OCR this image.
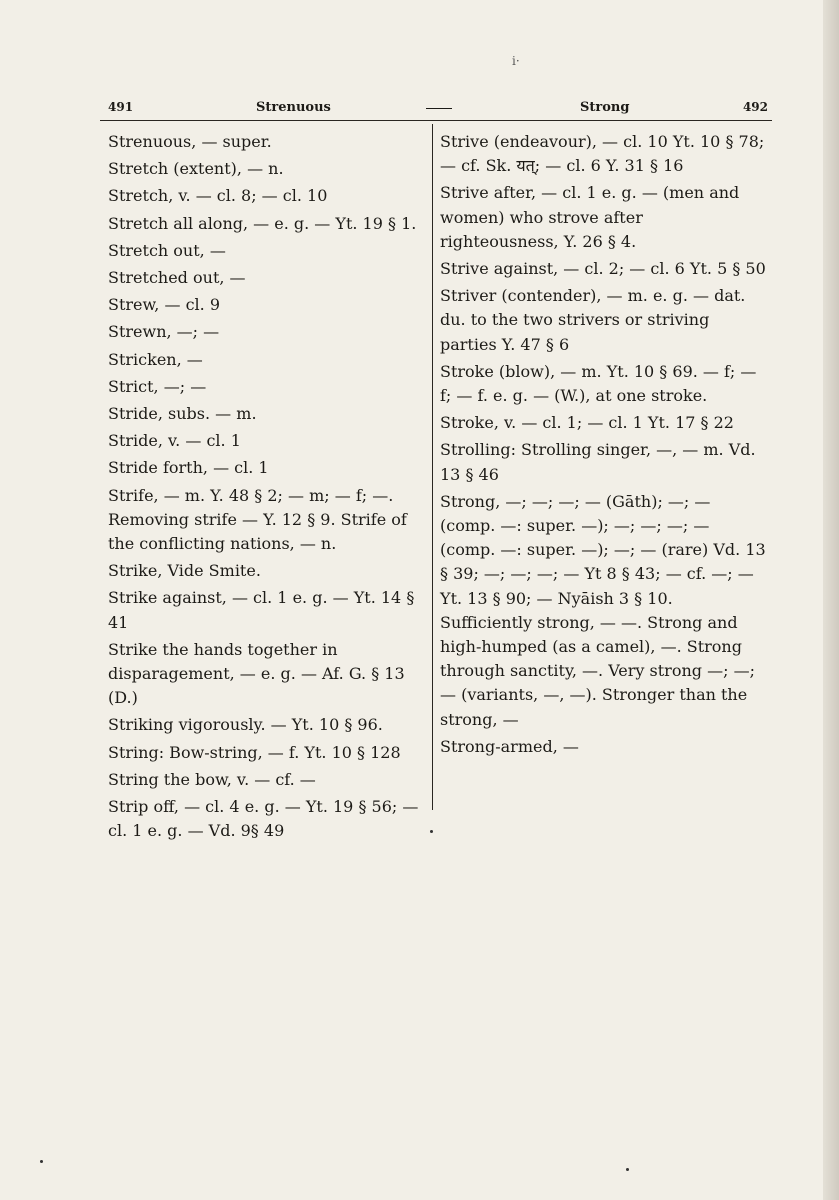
i·
491	Strenuous	Strong	492
Strenuous, — super.
Stretch (extent), — n.
Stretch, v. — cl. 8; — cl. 10
Stretch all along, — e. g. — Yt. 19 § 1.
Stretch out, —
Stretched out, —
Strew, — cl. 9
Strewn, —; —
Stricken, —
Strict, —; —
Stride, subs. — m.
Stride, v. — cl. 1
Stride forth, — cl. 1
Strife, — m. Y. 48 § 2; — m; — f; —. Removing strife — Y. 12 § 9. Strife of the conflicting nations, — n.
Strike, Vide Smite.
Strike against, — cl. 1 e. g. — Yt. 14 § 41
Strike the hands together in disparagement, — e. g. — Af. G. § 13 (D.)
Striking vigorously. — Yt. 10 § 96.
String: Bow-string, — f. Yt. 10 § 128
String the bow, v. — cf. —
Strip off, — cl. 4 e. g. — Yt. 19 § 56; — cl. 1 e. g. — Vd. 9§ 49
Strive (endeavour), — cl. 10 Yt. 10 § 78; — cf. Sk. यत्; — cl. 6 Y. 31 § 16
Strive after, — cl. 1 e. g. — (men and women) who strove after righteousness, Y. 26 § 4.
Strive against, — cl. 2; — cl. 6 Yt. 5 § 50
Striver (contender), — m. e. g. — dat. du. to the two strivers or striving parties Y. 47 § 6
Stroke (blow), — m. Yt. 10 § 69. — f; — f; — f. e. g. — (W.), at one stroke.
Stroke, v. — cl. 1; — cl. 1 Yt. 17 § 22
Strolling: Strolling singer, —, — m. Vd. 13 § 46
Strong, —; —; —; — (Gāth); —; — (comp. —: super. —); —; —; —; — (comp. —: super. —); —; — (rare) Vd. 13 § 39; —; —; —; — Yt 8 § 43; — cf. —; — Yt. 13 § 90; — Nyāish 3 § 10. Sufficiently strong, — —. Strong and high-humped (as a camel), —. Strong through sanctity, —. Very strong —; —; — (variants, —, —). Stronger than the strong, —
Strong-armed, —
